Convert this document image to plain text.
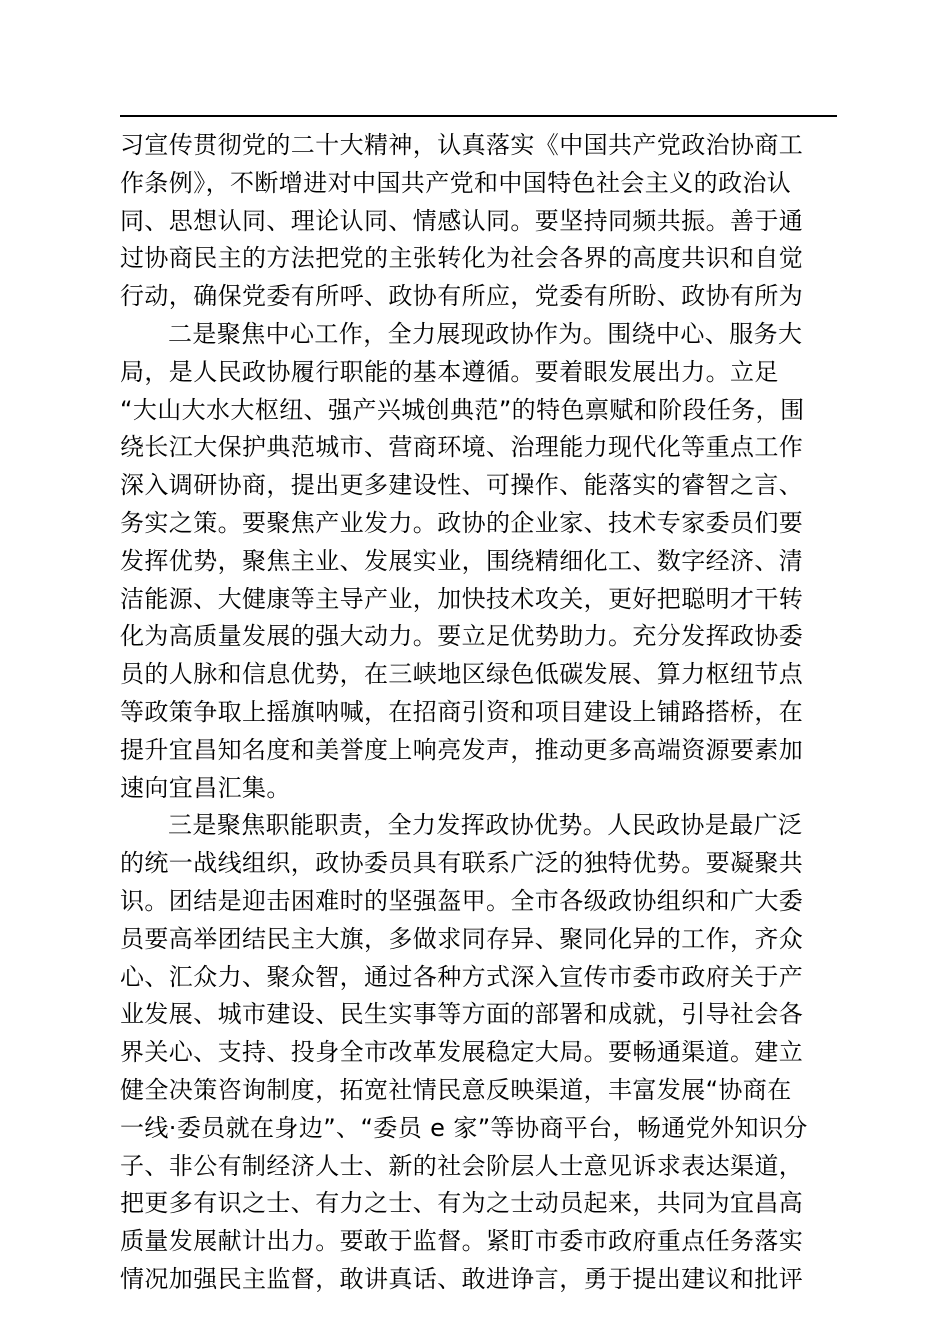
习宣传贯彻党的二十大精神，认真落实《中国共产党政治协商工
作条例》，不断增进对中国共产党和中国特色社会主义的政治认
同、思想认同、理论认同、情感认同。要坚持同频共振。善于通
过协商民主的方法把党的主张转化为社会各界的高度共识和自觉
行动，确保党委有所呼、政协有所应，党委有所盼、政协有所为
二是聚焦中心工作，全力展现政协作为。围绕中心、服务大
局，是人民政协履行职能的基本遵循。要着眼发展出力。立足
“大山大水大枢纽、强产兴城创典范”的特色禀赋和阶段任务，围
绕长江大保护典范城市、营商环境、治理能力现代化等重点工作
深入调研协商，提出更多建设性、可操作、能落实的睿智之言、
务实之策。要聚焦产业发力。政协的企业家、技术专家委员们要
发挥优势，聚焦主业、发展实业，围绕精细化工、数字经济、清
洁能源、大健康等主导产业，加快技术攻关，更好把聪明才干转
化为高质量发展的强大动力。要立足优势助力。充分发挥政协委
员的人脉和信息优势，在三峡地区绿色低碳发展、算力枢纽节点
等政策争取上摇旗呐喊，在招商引资和项目建设上铺路搭桥，在
提升宜昌知名度和美誉度上响亮发声，推动更多高端资源要素加
速向宜昌汇集。
三是聚焦职能职责，全力发挥政协优势。人民政协是最广泛
的统一战线组织，政协委员具有联系广泛的独特优势。要凝聚共
识。团结是迎击困难时的坚强盔甲。全市各级政协组织和广大委
员要高举团结民主大旗，多做求同存异、聚同化异的工作，齐众
心、汇众力、聚众智，通过各种方式深入宣传市委市政府关于产
业发展、城市建设、民生实事等方面的部署和成就，引导社会各
界关心、支持、投身全市改革发展稳定大局。要畅通渠道。建立
健全决策咨询制度，拓宽社情民意反映渠道，丰富发展“协商在
一线·委员就在身边”、“委员 e 家”等协商平台，畅通党外知识分
子、非公有制经济人士、新的社会阶层人士意见诉求表达渠道，
把更多有识之士、有力之士、有为之士动员起来，共同为宜昌高
质量发展献计出力。要敢于监督。紧盯市委市政府重点任务落实
情况加强民主监督，敢讲真话、敢进诤言，勇于提出建议和批评
